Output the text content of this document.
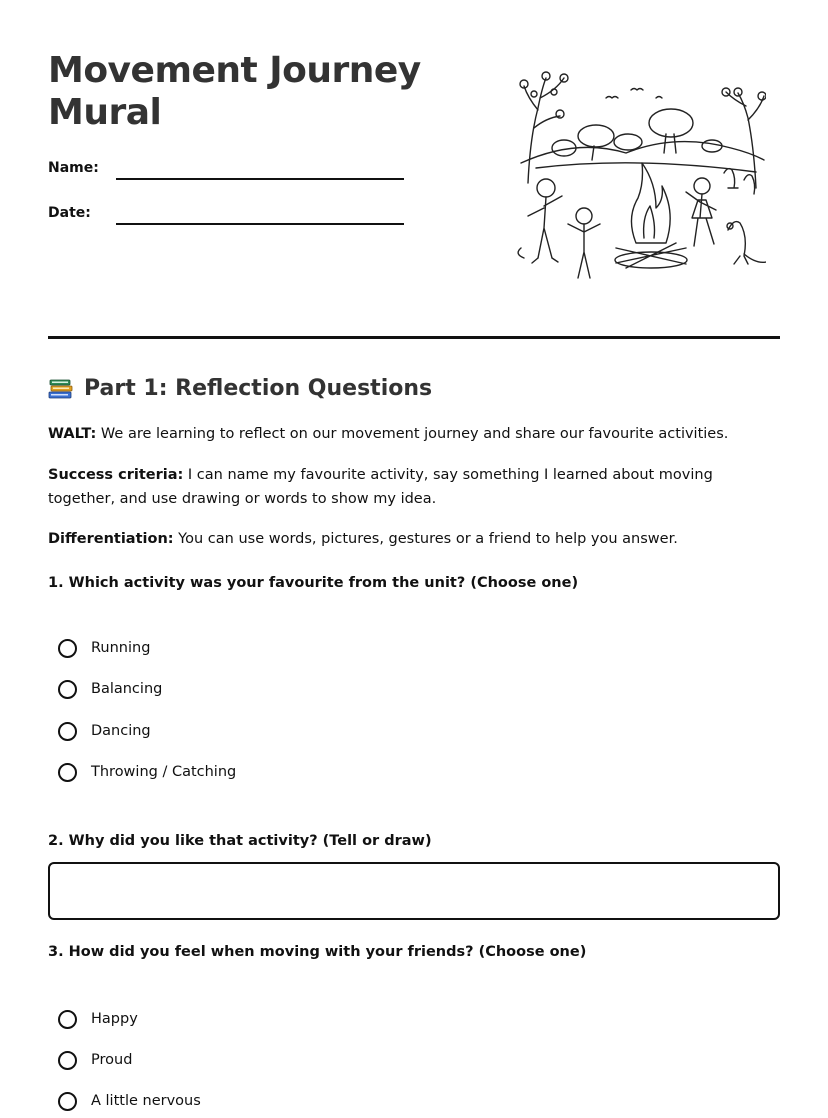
Movement Journey
Mural
Name:
Date:
Part 1: Reflection Questions

WALT: We are learning to reflect on our movement journey and share our favourite activities.

Success criteria: I can name my favourite activity, say something I learned about moving together, and use drawing or words to show my idea.

Differentiation: You can use words, pictures, gestures or a friend to help you answer.

1. Which activity was your favourite from the unit? (Choose one)
Running
Balancing
Dancing
Throwing / Catching
2. Why did you like that activity? (Tell or draw)
3. How did you feel when moving with your friends? (Choose one)
Happy
Proud
A little nervous
